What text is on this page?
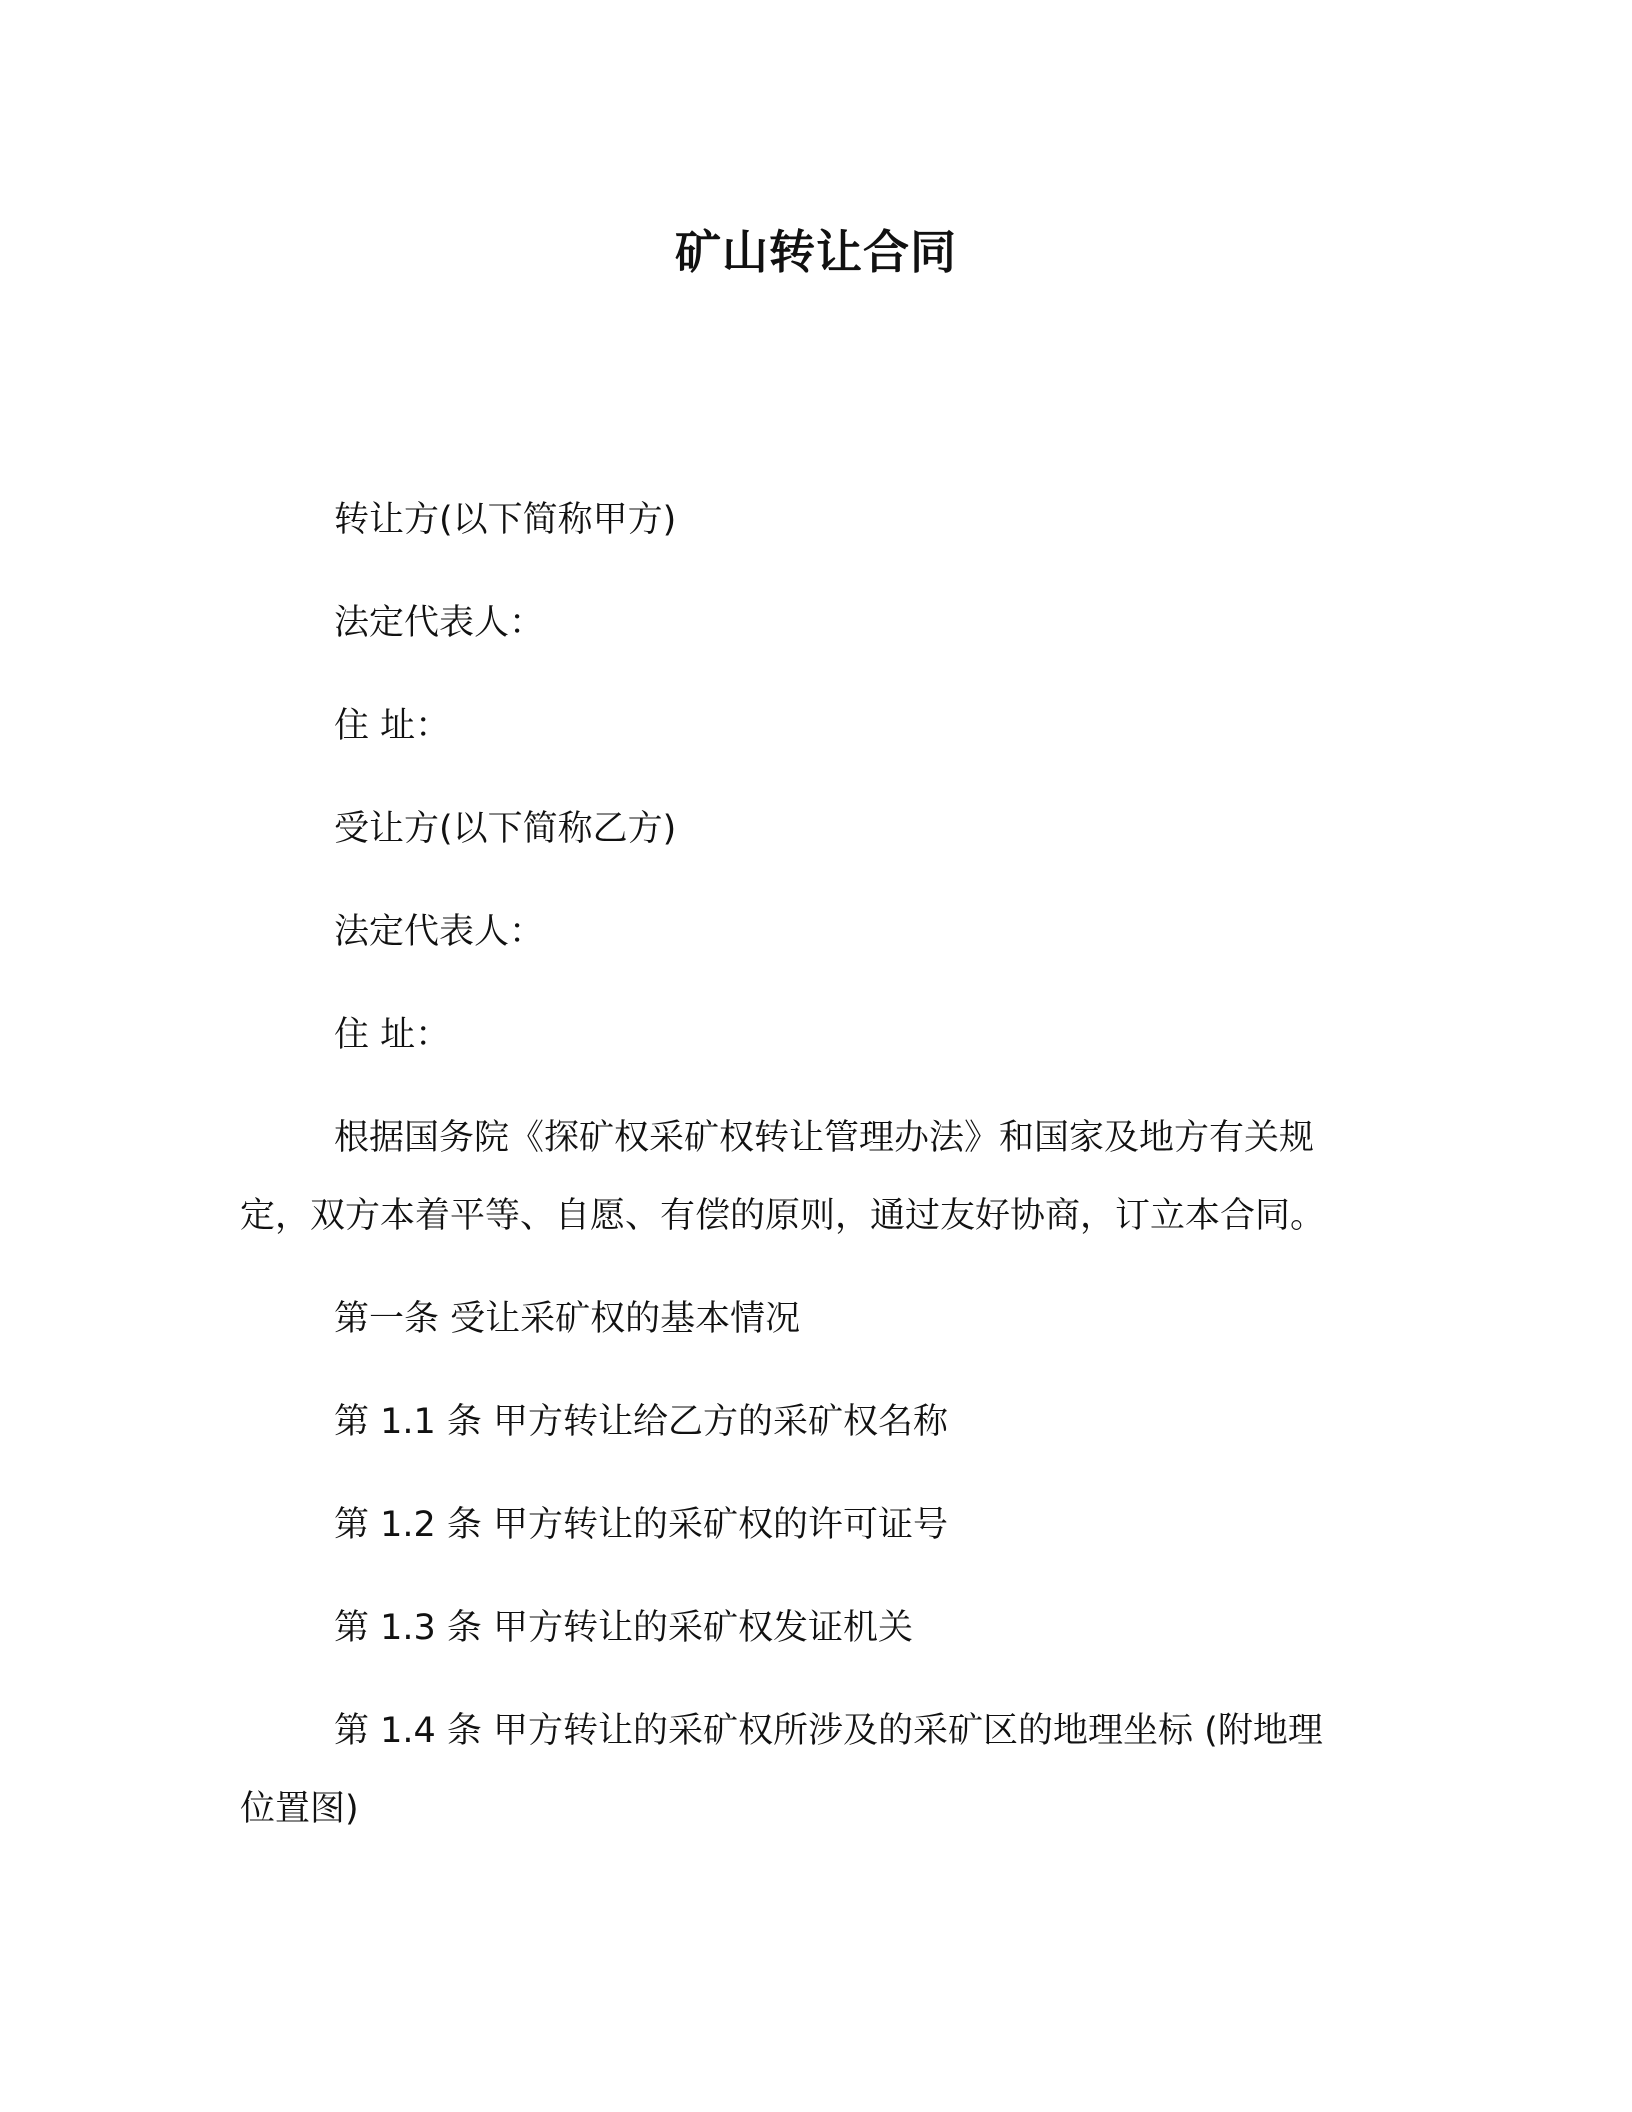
矿山转让合同
转让方(以下简称甲方)
法定代表人：
住 址：
受让方(以下简称乙方)
法定代表人：
住 址：
根据国务院《探矿权采矿权转让管理办法》和国家及地方有关规
定，双方本着平等、自愿、有偿的原则，通过友好协商，订立本合同。
第一条 受让采矿权的基本情况
第 1.1 条 甲方转让给乙方的采矿权名称
第 1.2 条 甲方转让的采矿权的许可证号
第 1.3 条 甲方转让的采矿权发证机关
第 1.4 条 甲方转让的采矿权所涉及的采矿区的地理坐标 (附地理
位置图)
